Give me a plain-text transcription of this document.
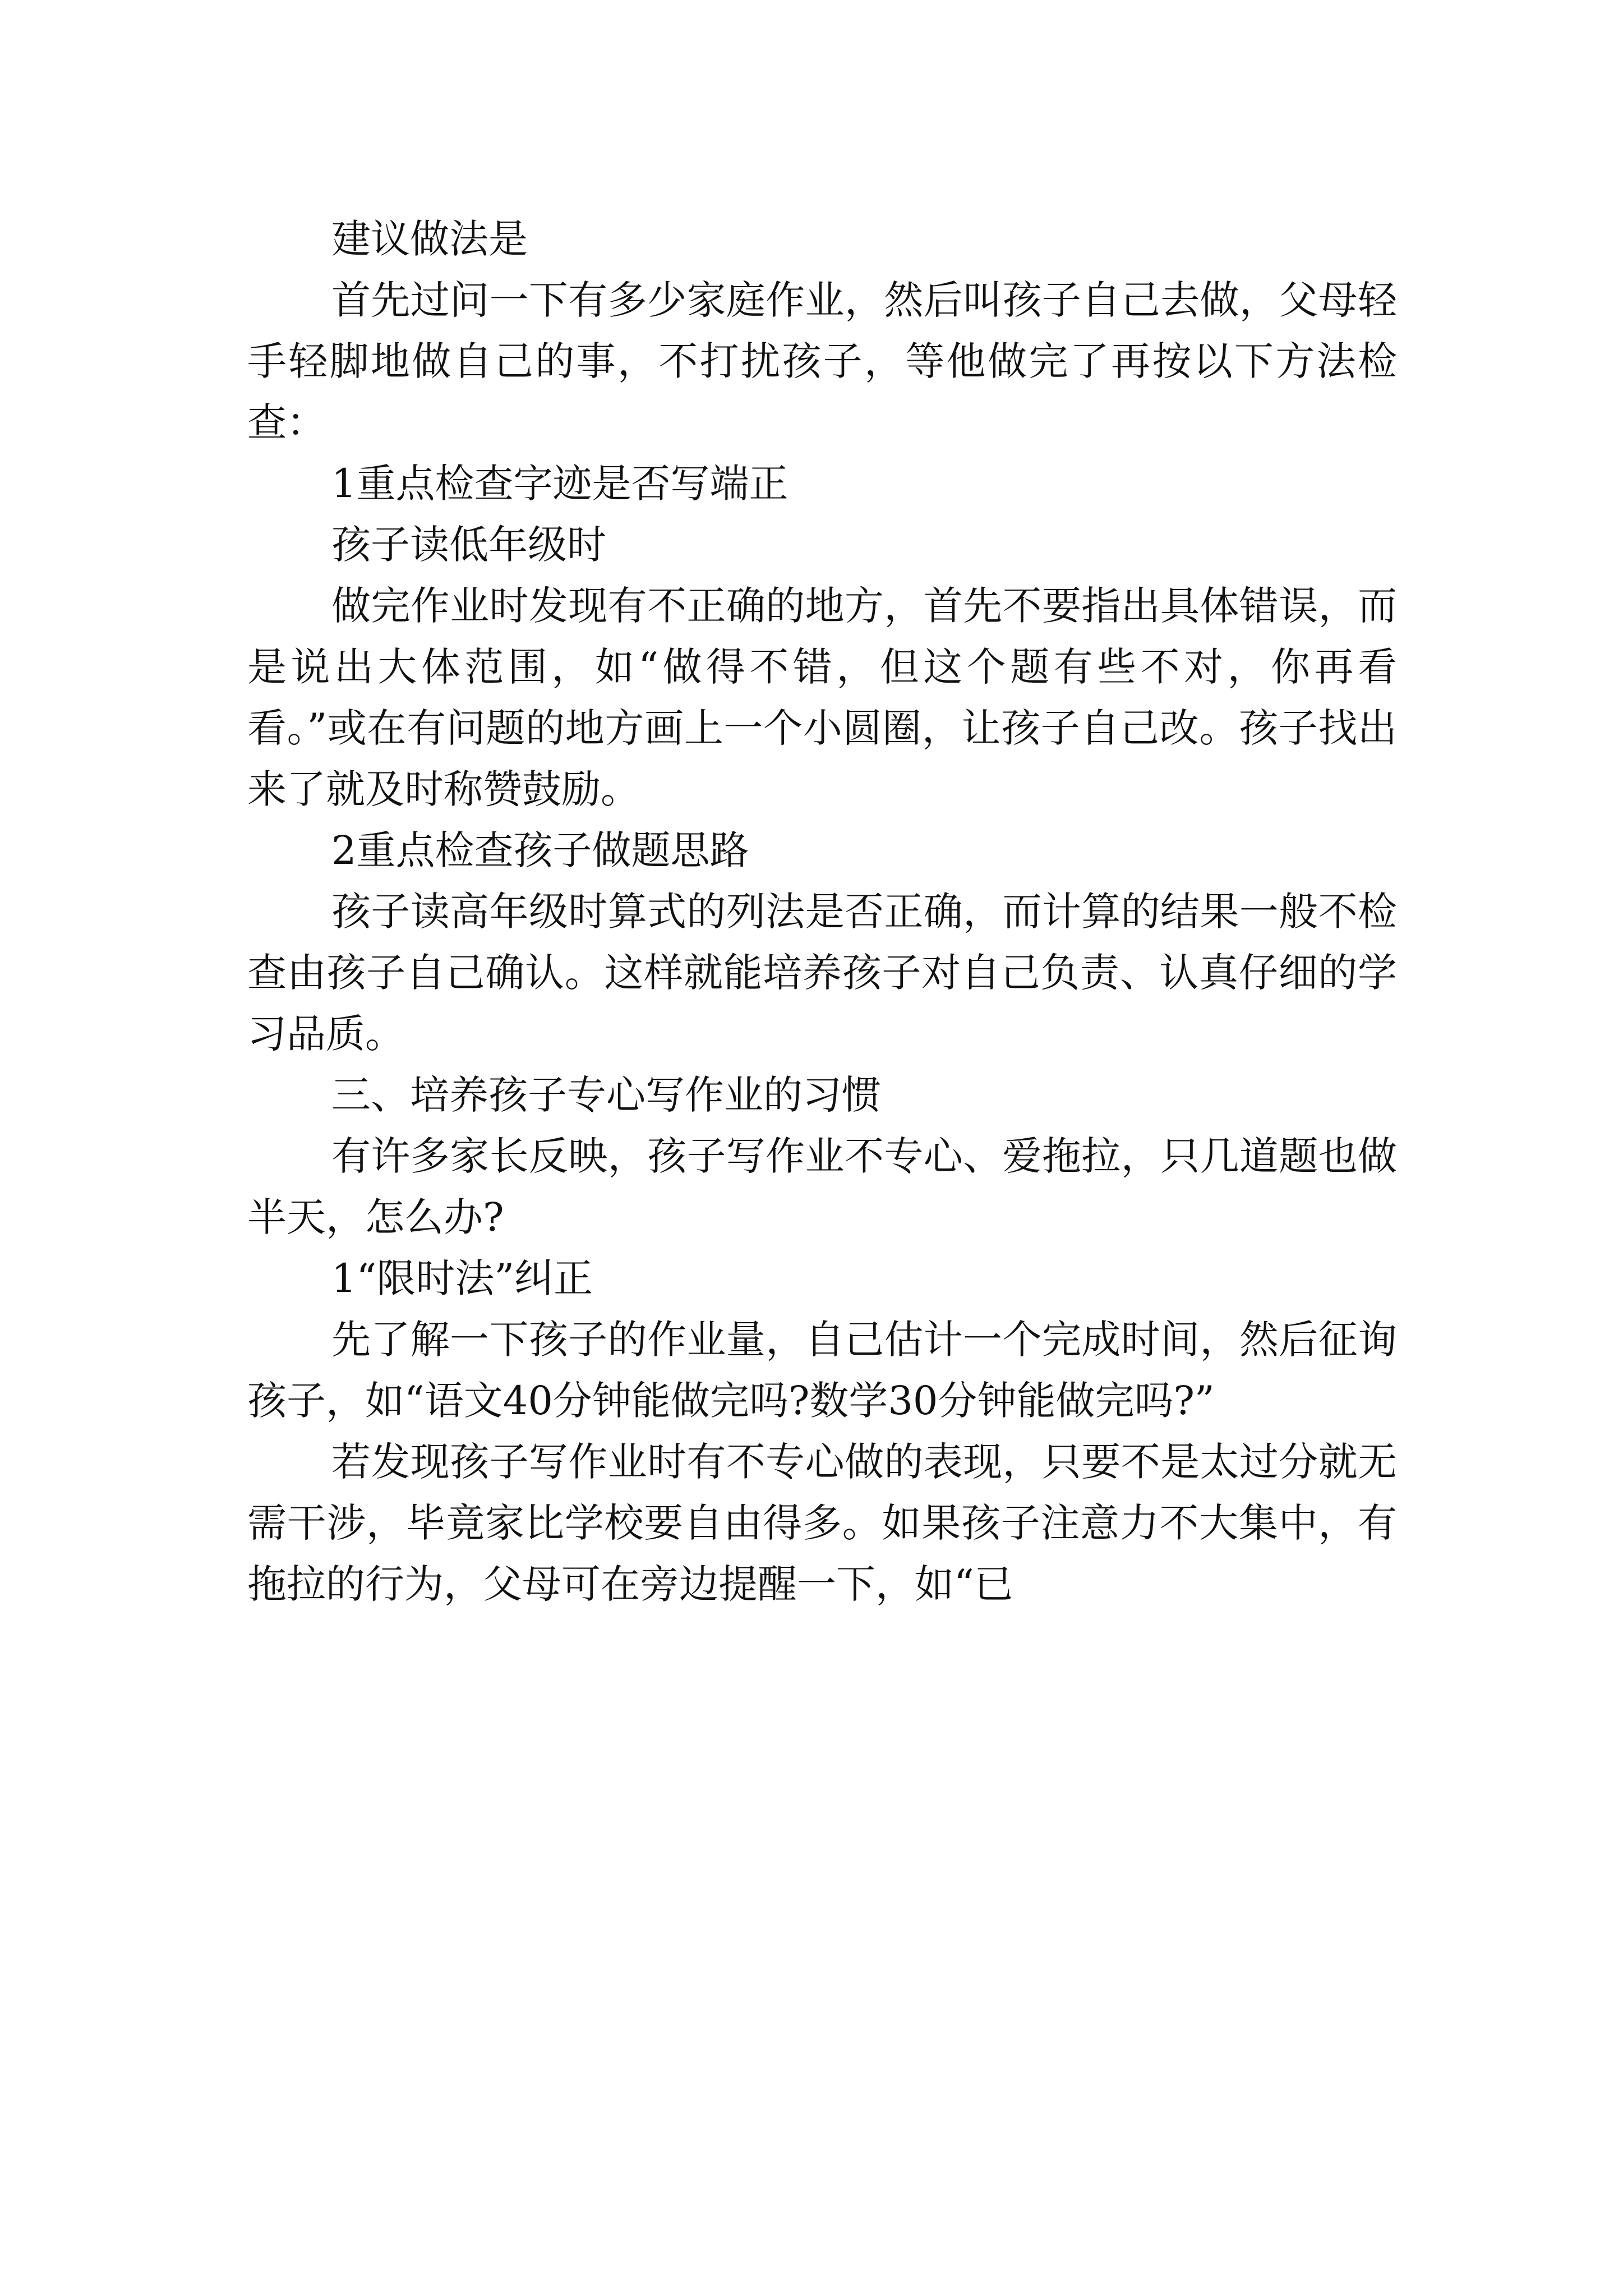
建议做法是

首先过问一下有多少家庭作业，然后叫孩子自己去做，父母轻手轻脚地做自己的事，不打扰孩子，等他做完了再按以下方法检查：

1重点检查字迹是否写端正

孩子读低年级时

做完作业时发现有不正确的地方，首先不要指出具体错误，而是说出大体范围，如“做得不错，但这个题有些不对，你再看看。”或在有问题的地方画上一个小圆圈，让孩子自己改。孩子找出来了就及时称赞鼓励。

2重点检查孩子做题思路

孩子读高年级时算式的列法是否正确，而计算的结果一般不检查由孩子自己确认。这样就能培养孩子对自己负责、认真仔细的学习品质。

三、培养孩子专心写作业的习惯

有许多家长反映，孩子写作业不专心、爱拖拉，只几道题也做半天，怎么办?

1“限时法”纠正

先了解一下孩子的作业量，自己估计一个完成时间，然后征询孩子，如“语文40分钟能做完吗?数学30分钟能做完吗?”

若发现孩子写作业时有不专心做的表现，只要不是太过分就无需干涉，毕竟家比学校要自由得多。如果孩子注意力不大集中，有拖拉的行为，父母可在旁边提醒一下，如“已
